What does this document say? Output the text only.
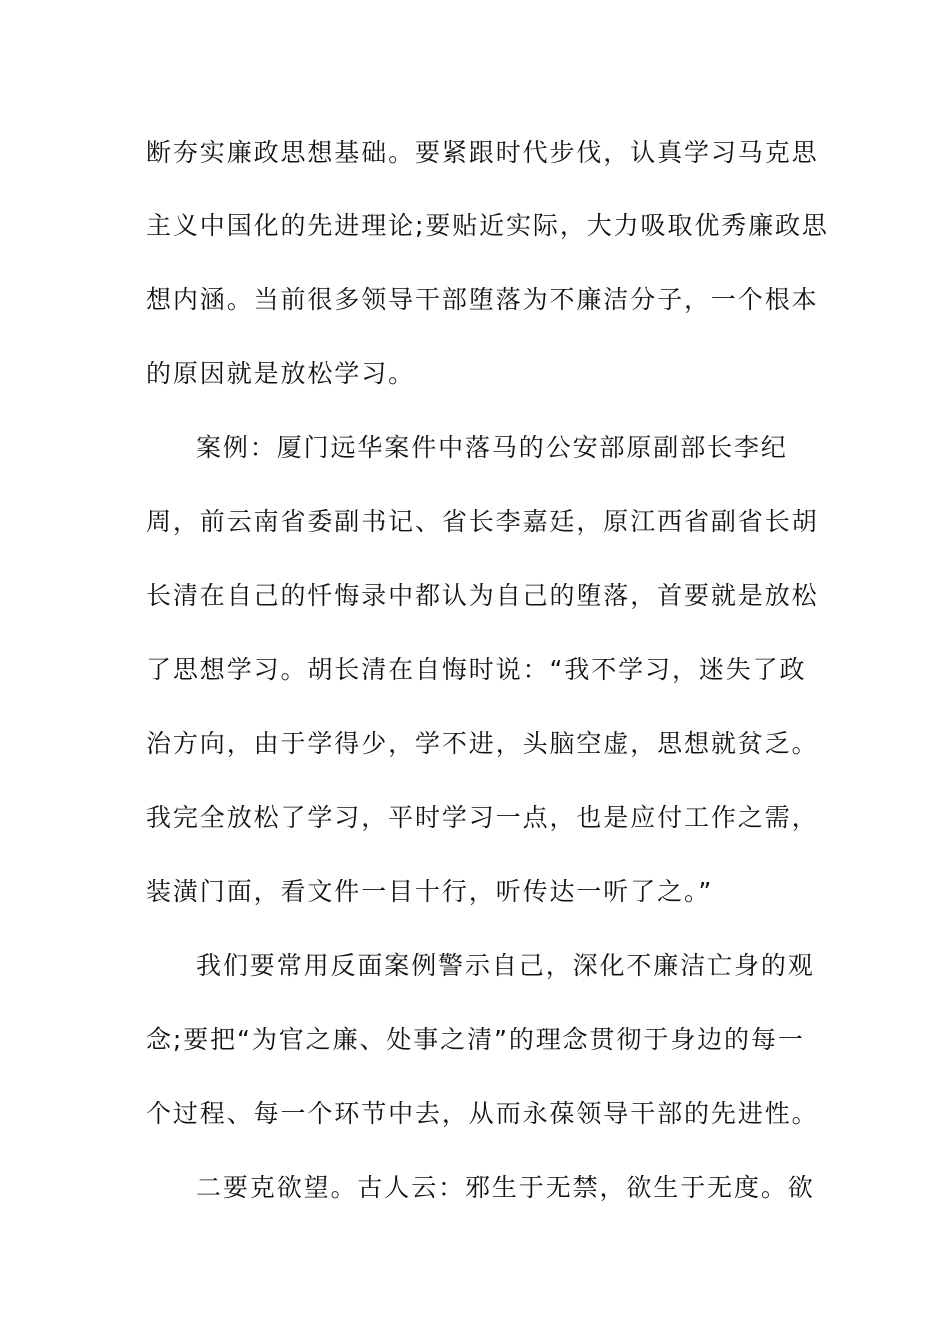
断夯实廉政思想基础。要紧跟时代步伐，认真学习马克思
主义中国化的先进理论;要贴近实际，大力吸取优秀廉政思
想内涵。当前很多领导干部堕落为不廉洁分子，一个根本
的原因就是放松学习。
案例：厦门远华案件中落马的公安部原副部长李纪
周，前云南省委副书记、省长李嘉廷，原江西省副省长胡
长清在自己的忏悔录中都认为自己的堕落，首要就是放松
了思想学习。胡长清在自悔时说：“我不学习，迷失了政
治方向，由于学得少，学不进，头脑空虚，思想就贫乏。
我完全放松了学习，平时学习一点，也是应付工作之需，
装潢门面，看文件一目十行，听传达一听了之。”
我们要常用反面案例警示自己，深化不廉洁亡身的观
念;要把“为官之廉、处事之清”的理念贯彻于身边的每一
个过程、每一个环节中去，从而永葆领导干部的先进性。
二要克欲望。古人云：邪生于无禁，欲生于无度。欲
